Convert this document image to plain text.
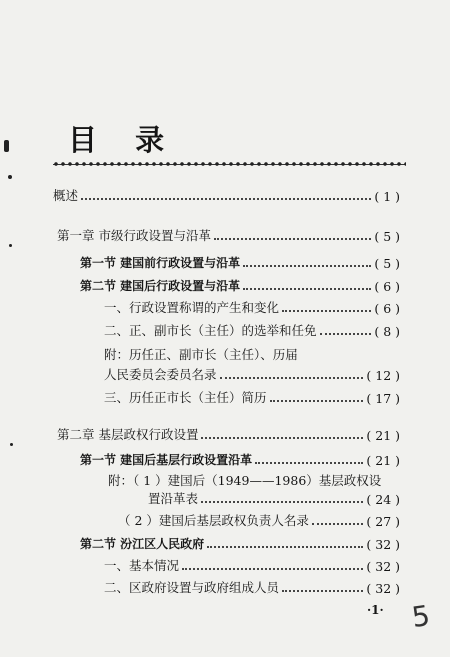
目 录
概述	( 1 )
第一章 市级行政设置与沿革	( 5 )
第一节 建国前行政设置与沿革	( 5 )
第二节 建国后行政设置与沿革	( 6 )
一、行政设置称谓的产生和变化	( 6 )
二、正、副市长（主任）的选举和任免	( 8 )
附：历任正、副市长（主任）、历届
人民委员会委员名录	( 12 )
三、历任正市长（主任）简历	( 17 )
第二章 基层政权行政设置	( 21 )
第一节 建国后基层行政设置沿革	( 21 )
附：（ 1 ）建国后（1949——1986）基层政权设
置沿革表	( 24 )
（ 2 ）建国后基层政权负责人名录	( 27 )
第二节 汾江区人民政府	( 32 )
一、基本情况	( 32 )
二、区政府设置与政府组成人员	( 32 )
·1· 5
